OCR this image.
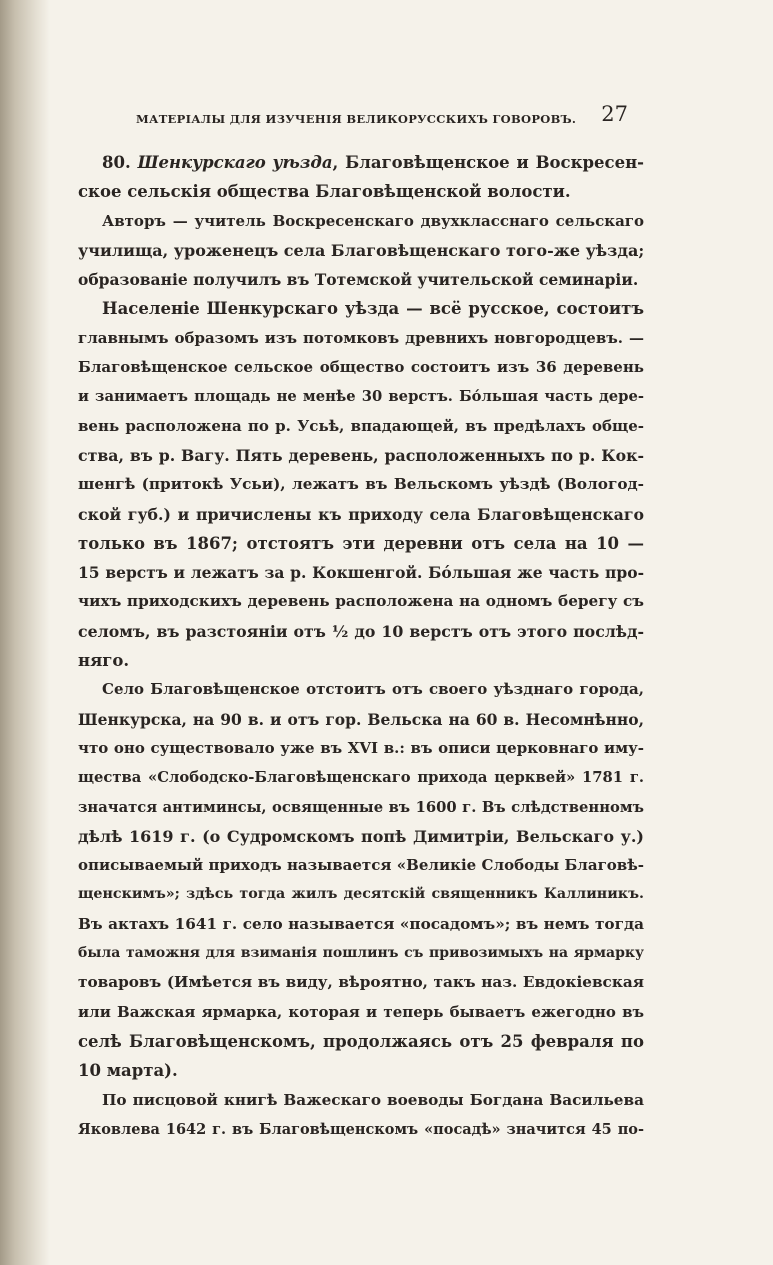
МАТЕРІАЛЫ ДЛЯ ИЗУЧЕНІЯ ВЕЛИКОРУССКИХЪ ГОВОРОВЪ. 27
80. Шенкурскаго уѣзда, Благовѣщенское и Воскресен-
ское сельскія общества Благовѣщенской волости.
Авторъ — учитель Воскресенскаго двухкласснаго сельскаго
училища, уроженецъ села Благовѣщенскаго того-же уѣзда;
образованіе получилъ въ Тотемской учительской семинаріи.
Населеніе Шенкурскаго уѣзда — всё русское, состоитъ
главнымъ образомъ изъ потомковъ древнихъ новгородцевъ. —
Благовѣщенское сельское общество состоитъ изъ 36 деревень
и занимаетъ площадь не менѣе 30 верстъ. Бо́льшая часть дере-
вень расположена по р. Усьѣ, впадающей, въ предѣлахъ обще-
ства, въ р. Вагу. Пять деревень, расположенныхъ по р. Кок-
шенгѣ (притокѣ Усьи), лежатъ въ Вельскомъ уѣздѣ (Вологод-
ской губ.) и причислены къ приходу села Благовѣщенскаго
только въ 1867; отстоятъ эти деревни отъ села на 10 —
15 верстъ и лежатъ за р. Кокшенгой. Бо́льшая же часть про-
чихъ приходскихъ деревень расположена на одномъ берегу съ
селомъ, въ разстояніи отъ ½ до 10 верстъ отъ этого послѣд-
няго.
Село Благовѣщенское отстоитъ отъ своего уѣзднаго города,
Шенкурска, на 90 в. и отъ гор. Вельска на 60 в. Несомнѣнно,
что оно существовало уже въ XVI в.: въ описи церковнаго иму-
щества «Слободско-Благовѣщенскаго прихода церквей» 1781 г.
значатся антиминсы, освященные въ 1600 г. Въ слѣдственномъ
дѣлѣ 1619 г. (о Судромскомъ попѣ Димитріи, Вельскаго у.)
описываемый приходъ называется «Великіе Слободы Благовѣ-
щенскимъ»; здѣсь тогда жилъ десятскій священникъ Каллиникъ.
Въ актахъ 1641 г. село называется «посадомъ»; въ немъ тогда
была таможня для взиманія пошлинъ съ привозимыхъ на ярмарку
товаровъ (Имѣется въ виду, вѣроятно, такъ наз. Евдокіевская
или Важская ярмарка, которая и теперь бываетъ ежегодно въ
селѣ Благовѣщенскомъ, продолжаясь отъ 25 февраля по
10 марта).
По писцовой книгѣ Важескаго воеводы Богдана Васильева
Яковлева 1642 г. въ Благовѣщенскомъ «посадѣ» значится 45 по-
